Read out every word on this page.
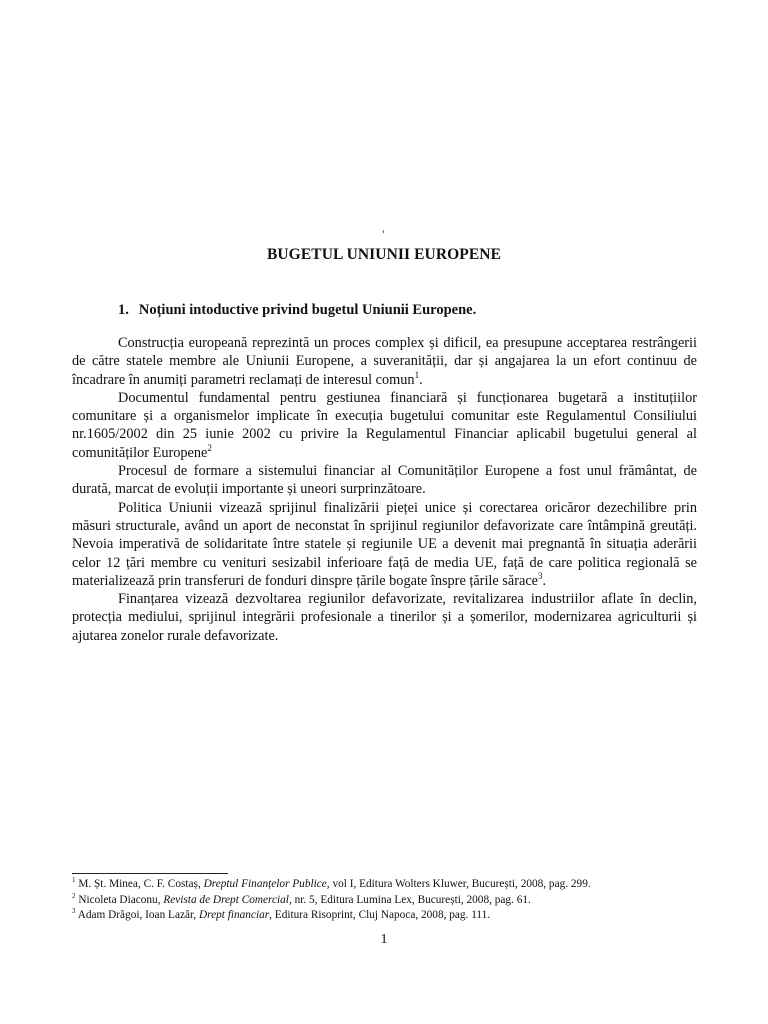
‹
BUGETUL UNIUNII EUROPENE
1. Noțiuni intoductive privind bugetul Uniunii Europene.

Construcția europeană reprezintă un proces complex și dificil, ea presupune acceptarea restrângerii de către statele membre ale Uniunii Europene, a suveranității, dar și angajarea la un efort continuu de încadrare în anumiți parametri reclamați de interesul comun$^1$.

Documentul fundamental pentru gestiunea financiară și funcționarea bugetară a instituțiilor comunitare și a organismelor implicate în execuția bugetului comunitar este Regulamentul Consiliului nr.1605/2002 din 25 iunie 2002 cu privire la Regulamentul Financiar aplicabil bugetului general al comunităților Europene$^2$

Procesul de formare a sistemului financiar al Comunităților Europene a fost unul frământat, de durată, marcat de evoluții importante și uneori surprinzătoare.

Politica Uniunii vizează sprijinul finalizării pieței unice și corectarea oricăror dezechilibre prin măsuri structurale, având un aport de neconstat în sprijinul regiunilor defavorizate care întâmpină greutăți. Nevoia imperativă de solidaritate între statele și regiunile UE a devenit mai pregnantă în situația aderării celor 12 țări membre cu venituri sesizabil inferioare față de media UE, față de care politica regională se materializează prin transferuri de fonduri dinspre țările bogate înspre țările sărace$^3$.

Finanțarea vizează dezvoltarea regiunilor defavorizate, revitalizarea industriilor aflate în declin, protecția mediului, sprijinul integrării profesionale a tinerilor și a șomerilor, modernizarea agriculturii și ajutarea zonelor rurale defavorizate.

$^1$ M. Șt. Minea, C. F. Costaș, Dreptul Finanțelor Publice, vol I, Editura Wolters Kluwer, București, 2008, pag. 299.
$^2$ Nicoleta Diaconu, Revista de Drept Comercial, nr. 5, Editura Lumina Lex, București, 2008, pag. 61.
$^3$ Adam Drăgoi, Ioan Lazăr, Drept financiar, Editura Risoprint, Cluj Napoca, 2008, pag. 111.
1
